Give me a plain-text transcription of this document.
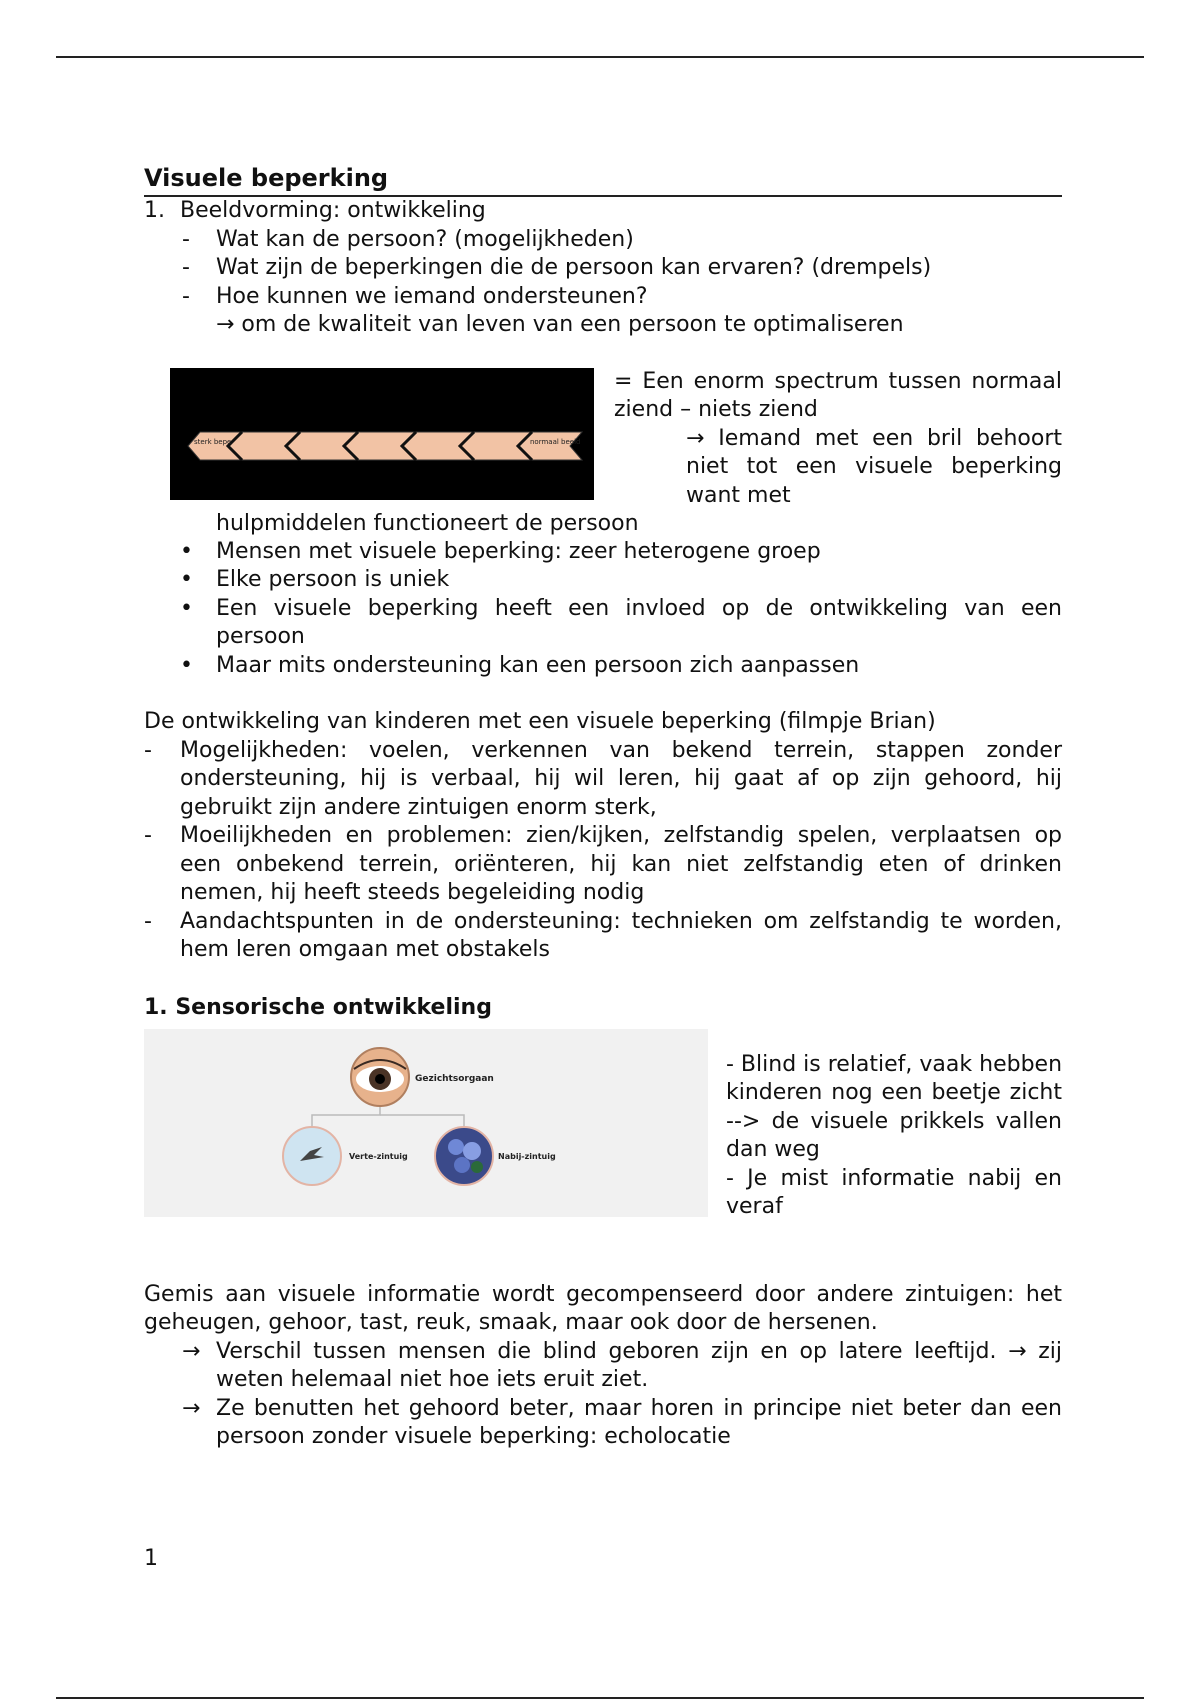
Visuele beperking
1. Beeldvorming: ontwikkeling
- Wat kan de persoon? (mogelijkheden)
- Wat zijn de beperkingen die de persoon kan ervaren? (drempels)
- Hoe kunnen we iemand ondersteunen?
→ om de kwaliteit van leven van een persoon te optimaliseren
sterk bepe	normaal beeld
= Een enorm spectrum tussen normaal ziend – niets ziend
→ Iemand met een bril behoort niet tot een visuele beperking want met
hulpmiddelen functioneert de persoon
• Mensen met visuele beperking: zeer heterogene groep
• Elke persoon is uniek
• Een visuele beperking heeft een invloed op de ontwikkeling van een persoon
• Maar mits ondersteuning kan een persoon zich aanpassen
De ontwikkeling van kinderen met een visuele beperking (filmpje Brian)
- Mogelijkheden: voelen, verkennen van bekend terrein, stappen zonder ondersteuning, hij is verbaal, hij wil leren, hij gaat af op zijn gehoord, hij gebruikt zijn andere zintuigen enorm sterk,
- Moeilijkheden en problemen: zien/kijken, zelfstandig spelen, verplaatsen op een onbekend terrein, oriënteren, hij kan niet zelfstandig eten of drinken nemen, hij heeft steeds begeleiding nodig
- Aandachtspunten in de ondersteuning: technieken om zelfstandig te worden, hem leren omgaan met obstakels
1. Sensorische ontwikkeling
Gezichtsorgaan
Verte-zintuig	Nabij-zintuig
- Blind is relatief, vaak hebben kinderen nog een beetje zicht --> de visuele prikkels vallen dan weg
- Je mist informatie nabij en veraf
Gemis aan visuele informatie wordt gecompenseerd door andere zintuigen: het geheugen, gehoor, tast, reuk, smaak, maar ook door de hersenen.
→ Verschil tussen mensen die blind geboren zijn en op latere leeftijd. → zij weten helemaal niet hoe iets eruit ziet.
→ Ze benutten het gehoord beter, maar horen in principe niet beter dan een persoon zonder visuele beperking: echolocatie
1
